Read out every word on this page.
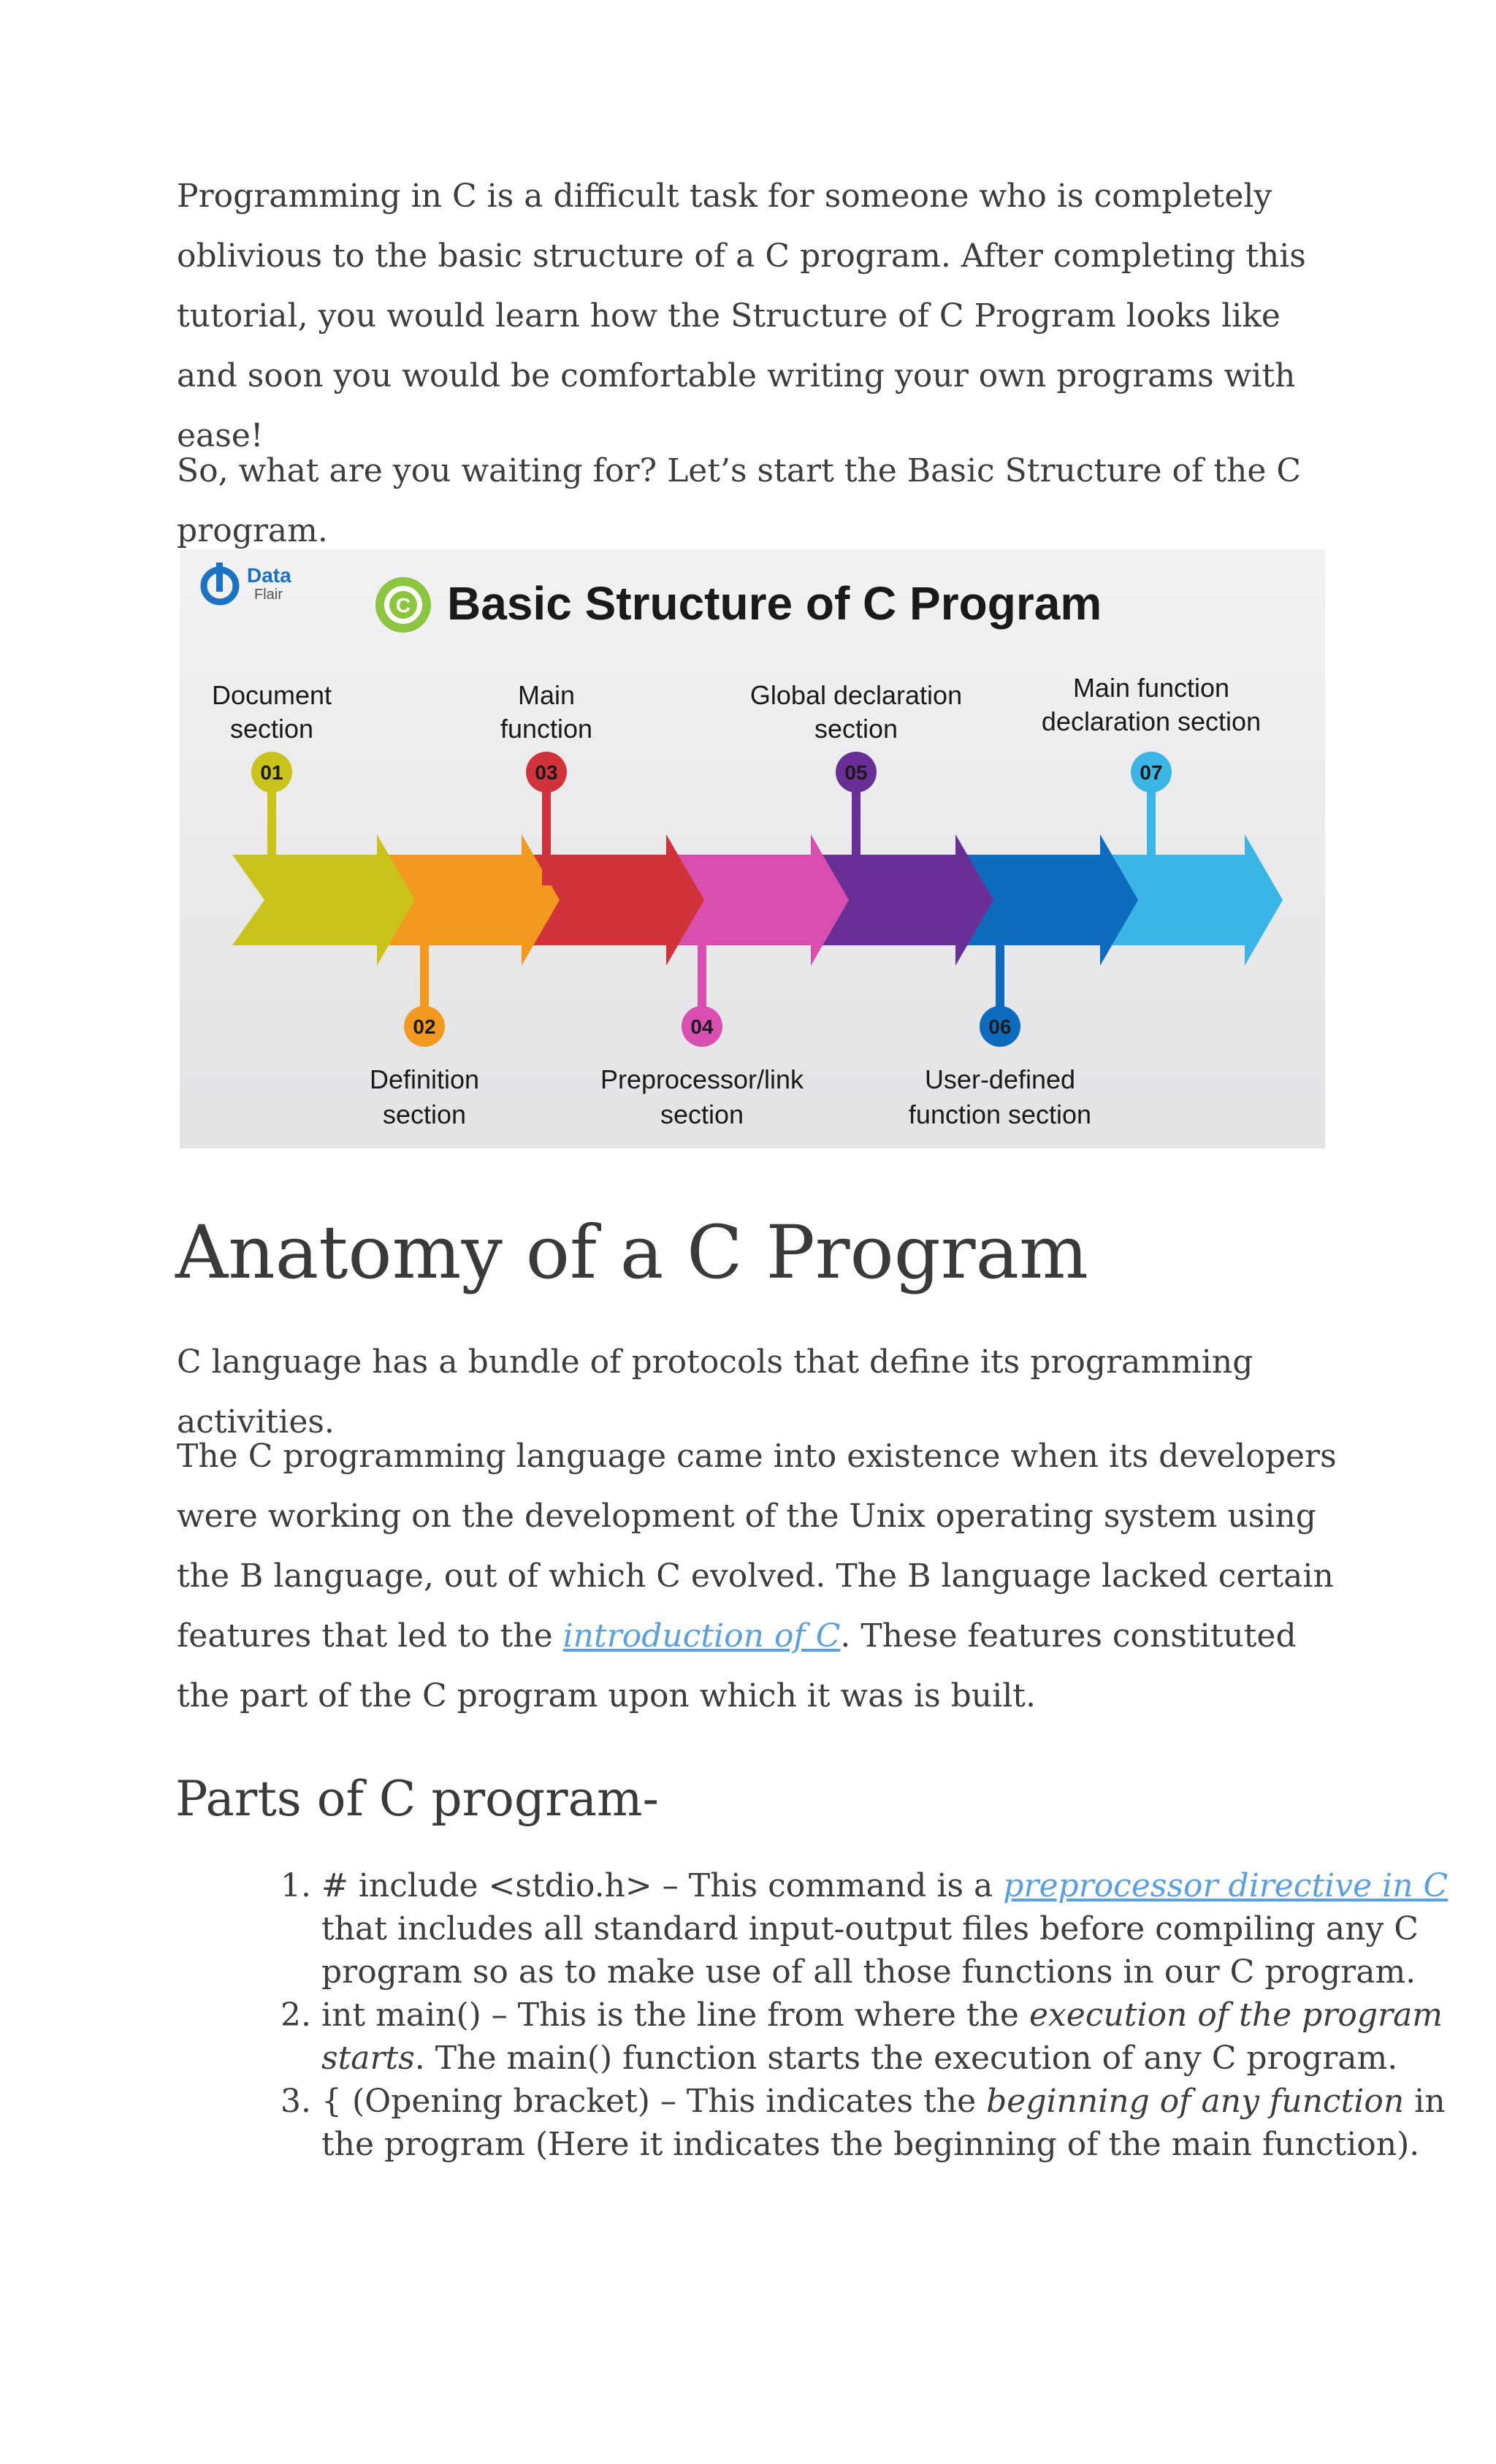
Programming in C is a difficult task for someone who is completely oblivious to the basic structure of a C program. After completing this tutorial, you would learn how the Structure of C Program looks like and soon you would be comfortable writing your own programs with ease!

So, what are you waiting for? Let’s start the Basic Structure of the C program.

Data
Flair	C Basic Structure of C Program
01
Document
section
02
Definition
section
03
Main
function
04
Preprocessor/link
section
05
Global declaration
section
06
User-defined
function section
07
Main function
declaration section
Anatomy of a C Program

C language has a bundle of protocols that define its programming activities.

The C programming language came into existence when its developers were working on the development of the Unix operating system using the B language, out of which C evolved. The B language lacked certain features that led to the introduction of C. These features constituted the part of the C program upon which it was is built.

Parts of C program-
1. # include <stdio.h> – This command is a preprocessor directive in C that includes all standard input-output files before compiling any C program so as to make use of all those functions in our C program.
2. int main() – This is the line from where the execution of the program starts. The main() function starts the execution of any C program.
3. { (Opening bracket) – This indicates the beginning of any function in the program (Here it indicates the beginning of the main function).
